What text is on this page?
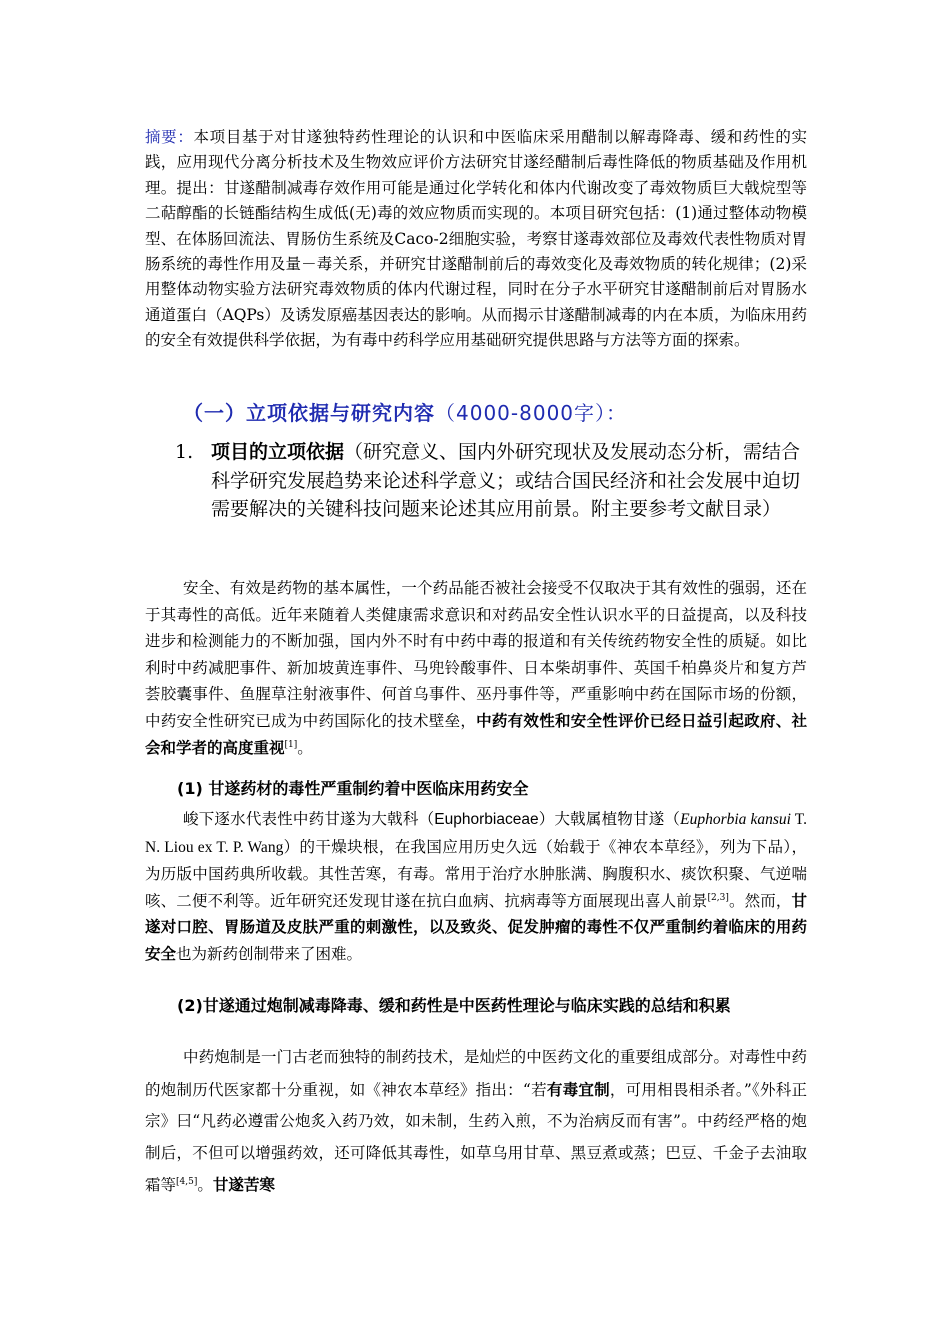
摘要：本项目基于对甘遂独特药性理论的认识和中医临床采用醋制以解毒降毒、缓和药性的实践，应用现代分离分析技术及生物效应评价方法研究甘遂经醋制后毒性降低的物质基础及作用机理。提出：甘遂醋制减毒存效作用可能是通过化学转化和体内代谢改变了毒效物质巨大戟烷型等二萜醇酯的长链酯结构生成低(无)毒的效应物质而实现的。本项目研究包括：(1)通过整体动物模型、在体肠回流法、胃肠仿生系统及Caco-2细胞实验，考察甘遂毒效部位及毒效代表性物质对胃肠系统的毒性作用及量－毒关系，并研究甘遂醋制前后的毒效变化及毒效物质的转化规律；(2)采用整体动物实验方法研究毒效物质的体内代谢过程，同时在分子水平研究甘遂醋制前后对胃肠水通道蛋白（AQPs）及诱发原癌基因表达的影响。从而揭示甘遂醋制减毒的内在本质，为临床用药的安全有效提供科学依据，为有毒中药科学应用基础研究提供思路与方法等方面的探索。
（一）立项依据与研究内容（4000-8000字）：
1. 项目的立项依据（研究意义、国内外研究现状及发展动态分析，需结合科学研究发展趋势来论述科学意义；或结合国民经济和社会发展中迫切需要解决的关键科技问题来论述其应用前景。附主要参考文献目录）
安全、有效是药物的基本属性，一个药品能否被社会接受不仅取决于其有效性的强弱，还在于其毒性的高低。近年来随着人类健康需求意识和对药品安全性认识水平的日益提高，以及科技进步和检测能力的不断加强，国内外不时有中药中毒的报道和有关传统药物安全性的质疑。如比利时中药减肥事件、新加坡黄连事件、马兜铃酸事件、日本柴胡事件、英国千柏鼻炎片和复方芦荟胶囊事件、鱼腥草注射液事件、何首乌事件、巫丹事件等，严重影响中药在国际市场的份额，中药安全性研究已成为中药国际化的技术壁垒，中药有效性和安全性评价已经日益引起政府、社会和学者的高度重视[1]。
(1) 甘遂药材的毒性严重制约着中医临床用药安全
峻下逐水代表性中药甘遂为大戟科（Euphorbiaceae）大戟属植物甘遂（Euphorbia kansui T. N. Liou ex T. P. Wang）的干燥块根，在我国应用历史久远（始载于《神农本草经》，列为下品），为历版中国药典所收载。其性苦寒，有毒。常用于治疗水肿胀满、胸腹积水、痰饮积聚、气逆喘咳、二便不利等。近年研究还发现甘遂在抗白血病、抗病毒等方面展现出喜人前景[2,3]。然而，甘遂对口腔、胃肠道及皮肤严重的刺激性，以及致炎、促发肿瘤的毒性不仅严重制约着临床的用药安全也为新药创制带来了困难。
(2)甘遂通过炮制减毒降毒、缓和药性是中医药性理论与临床实践的总结和积累
中药炮制是一门古老而独特的制药技术，是灿烂的中医药文化的重要组成部分。对毒性中药的炮制历代医家都十分重视，如《神农本草经》指出：“若有毒宜制，可用相畏相杀者。”《外科正宗》曰“凡药必遵雷公炮炙入药乃效，如未制，生药入煎，不为治病反而有害”。中药经严格的炮制后，不但可以增强药效，还可降低其毒性，如草乌用甘草、黑豆煮或蒸；巴豆、千金子去油取霜等[4,5]。甘遂苦寒
